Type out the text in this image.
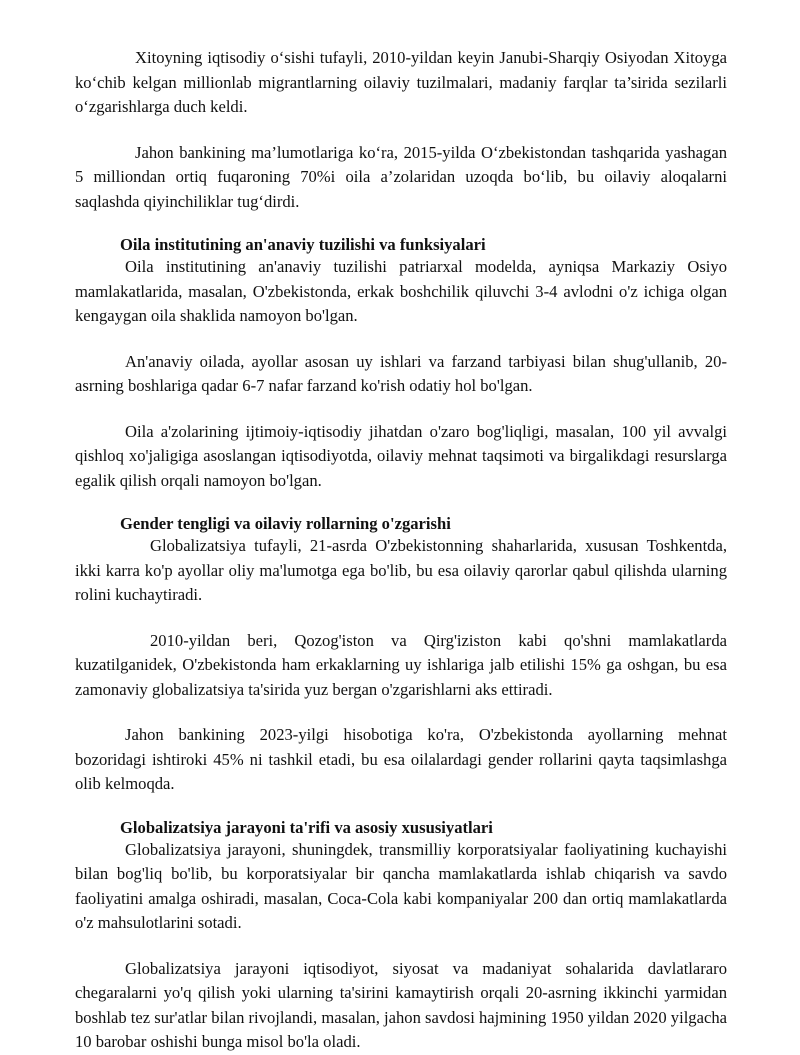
Xitoyning iqtisodiy o‘sishi tufayli, 2010-yildan keyin Janubi-Sharqiy Osiyodan Xitoyga ko‘chib kelgan millionlab migrantlarning oilaviy tuzilmalari, madaniy farqlar ta’sirida sezilarli o‘zgarishlarga duch keldi.

Jahon bankining ma’lumotlariga ko‘ra, 2015-yilda O‘zbekistondan tashqarida yashagan 5 milliondan ortiq fuqaroning 70%i oila a’zolaridan uzoqda bo‘lib, bu oilaviy aloqalarni saqlashda qiyinchiliklar tug‘dirdi.

Oila institutining an'anaviy tuzilishi va funksiyalari

Oila institutining an'anaviy tuzilishi patriarxal modelda, ayniqsa Markaziy Osiyo mamlakatlarida, masalan, O'zbekistonda, erkak boshchilik qiluvchi 3-4 avlodni o'z ichiga olgan kengaygan oila shaklida namoyon bo'lgan.

An'anaviy oilada, ayollar asosan uy ishlari va farzand tarbiyasi bilan shug'ullanib, 20-asrning boshlariga qadar 6-7 nafar farzand ko'rish odatiy hol bo'lgan.

Oila a'zolarining ijtimoiy-iqtisodiy jihatdan o'zaro bog'liqligi, masalan, 100 yil avvalgi qishloq xo'jaligiga asoslangan iqtisodiyotda, oilaviy mehnat taqsimoti va birgalikdagi resurslarga egalik qilish orqali namoyon bo'lgan.

Gender tengligi va oilaviy rollarning o'zgarishi

Globalizatsiya tufayli, 21-asrda O'zbekistonning shaharlarida, xususan Toshkentda, ikki karra ko'p ayollar oliy ma'lumotga ega bo'lib, bu esa oilaviy qarorlar qabul qilishda ularning rolini kuchaytiradi.

2010-yildan beri, Qozog'iston va Qirg'iziston kabi qo'shni mamlakatlarda kuzatilganidek, O'zbekistonda ham erkaklarning uy ishlariga jalb etilishi 15% ga oshgan, bu esa zamonaviy globalizatsiya ta'sirida yuz bergan o'zgarishlarni aks ettiradi.

Jahon bankining 2023-yilgi hisobotiga ko'ra, O'zbekistonda ayollarning mehnat bozoridagi ishtiroki 45% ni tashkil etadi, bu esa oilalardagi gender rollarini qayta taqsimlashga olib kelmoqda.

Globalizatsiya jarayoni ta'rifi va asosiy xususiyatlari

Globalizatsiya jarayoni, shuningdek, transmilliy korporatsiyalar faoliyatining kuchayishi bilan bog'liq bo'lib, bu korporatsiyalar bir qancha mamlakatlarda ishlab chiqarish va savdo faoliyatini amalga oshiradi, masalan, Coca-Cola kabi kompaniyalar 200 dan ortiq mamlakatlarda o'z mahsulotlarini sotadi.

Globalizatsiya jarayoni iqtisodiyot, siyosat va madaniyat sohalarida davlatlararo chegaralarni yo'q qilish yoki ularning ta'sirini kamaytirish orqali 20-asrning ikkinchi yarmidan boshlab tez sur'atlar bilan rivojlandi, masalan, jahon savdosi hajmining 1950 yildan 2020 yilgacha 10 barobar oshishi bunga misol bo'la oladi.
